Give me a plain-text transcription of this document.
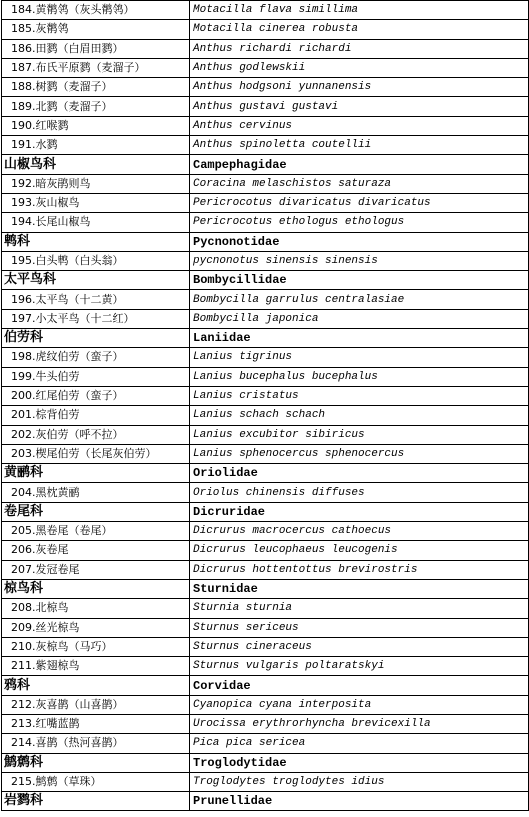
184.黄鹡鸰（灰头鹡鸰）	Motacilla flava simillima
185.灰鹡鸰	Motacilla cinerea robusta
186.田鹨（白眉田鹨）	Anthus richardi richardi
187.布氏平原鹨（麦溜子）	Anthus godlewskii
188.树鹨（麦溜子）	Anthus hodgsoni yunnanensis
189.北鹨（麦溜子）	Anthus gustavi gustavi
190.红喉鹨	Anthus cervinus
191.水鹨	Anthus spinoletta coutellii
山椒鸟科	Campephagidae
192.暗灰鹃则鸟	Coracina melaschistos saturaza
193.灰山椒鸟	Pericrocotus divaricatus divaricatus
194.长尾山椒鸟	Pericrocotus ethologus ethologus
鹎科	Pycnonotidae
195.白头鹎（白头翁）	pycnonotus sinensis sinensis
太平鸟科	Bombycillidae
196.太平鸟（十二黄）	Bombycilla garrulus centralasiae
197.小太平鸟（十二红）	Bombycilla japonica
伯劳科	Laniidae
198.虎纹伯劳（蛮子）	Lanius tigrinus
199.牛头伯劳	Lanius bucephalus bucephalus
200.红尾伯劳（蛮子）	Lanius cristatus
201.棕背伯劳	Lanius schach schach
202.灰伯劳（呼不拉）	Lanius excubitor sibiricus
203.楔尾伯劳（长尾灰伯劳）	Lanius sphenocercus sphenocercus
黄鹂科	Oriolidae
204.黑枕黄鹂	Oriolus chinensis diffuses
卷尾科	Dicruridae
205.黑卷尾（卷尾）	Dicrurus macrocercus cathoecus
206.灰卷尾	Dicrurus leucophaeus leucogenis
207.发冠卷尾	Dicrurus hottentottus brevirostris
椋鸟科	Sturnidae
208.北椋鸟	Sturnia sturnia
209.丝光椋鸟	Sturnus sericeus
210.灰椋鸟（马巧）	Sturnus cineraceus
211.紫翅椋鸟	Sturnus vulgaris poltaratskyi
鸦科	Corvidae
212.灰喜鹊（山喜鹊）	Cyanopica cyana interposita
213.红嘴蓝鹊	Urocissa erythrorhyncha brevicexilla
214.喜鹊（热河喜鹊）	Pica pica sericea
鹪鹩科	Troglodytidae
215.鹪鹩（草珠）	Troglodytes troglodytes idius
岩鹨科	Prunellidae
